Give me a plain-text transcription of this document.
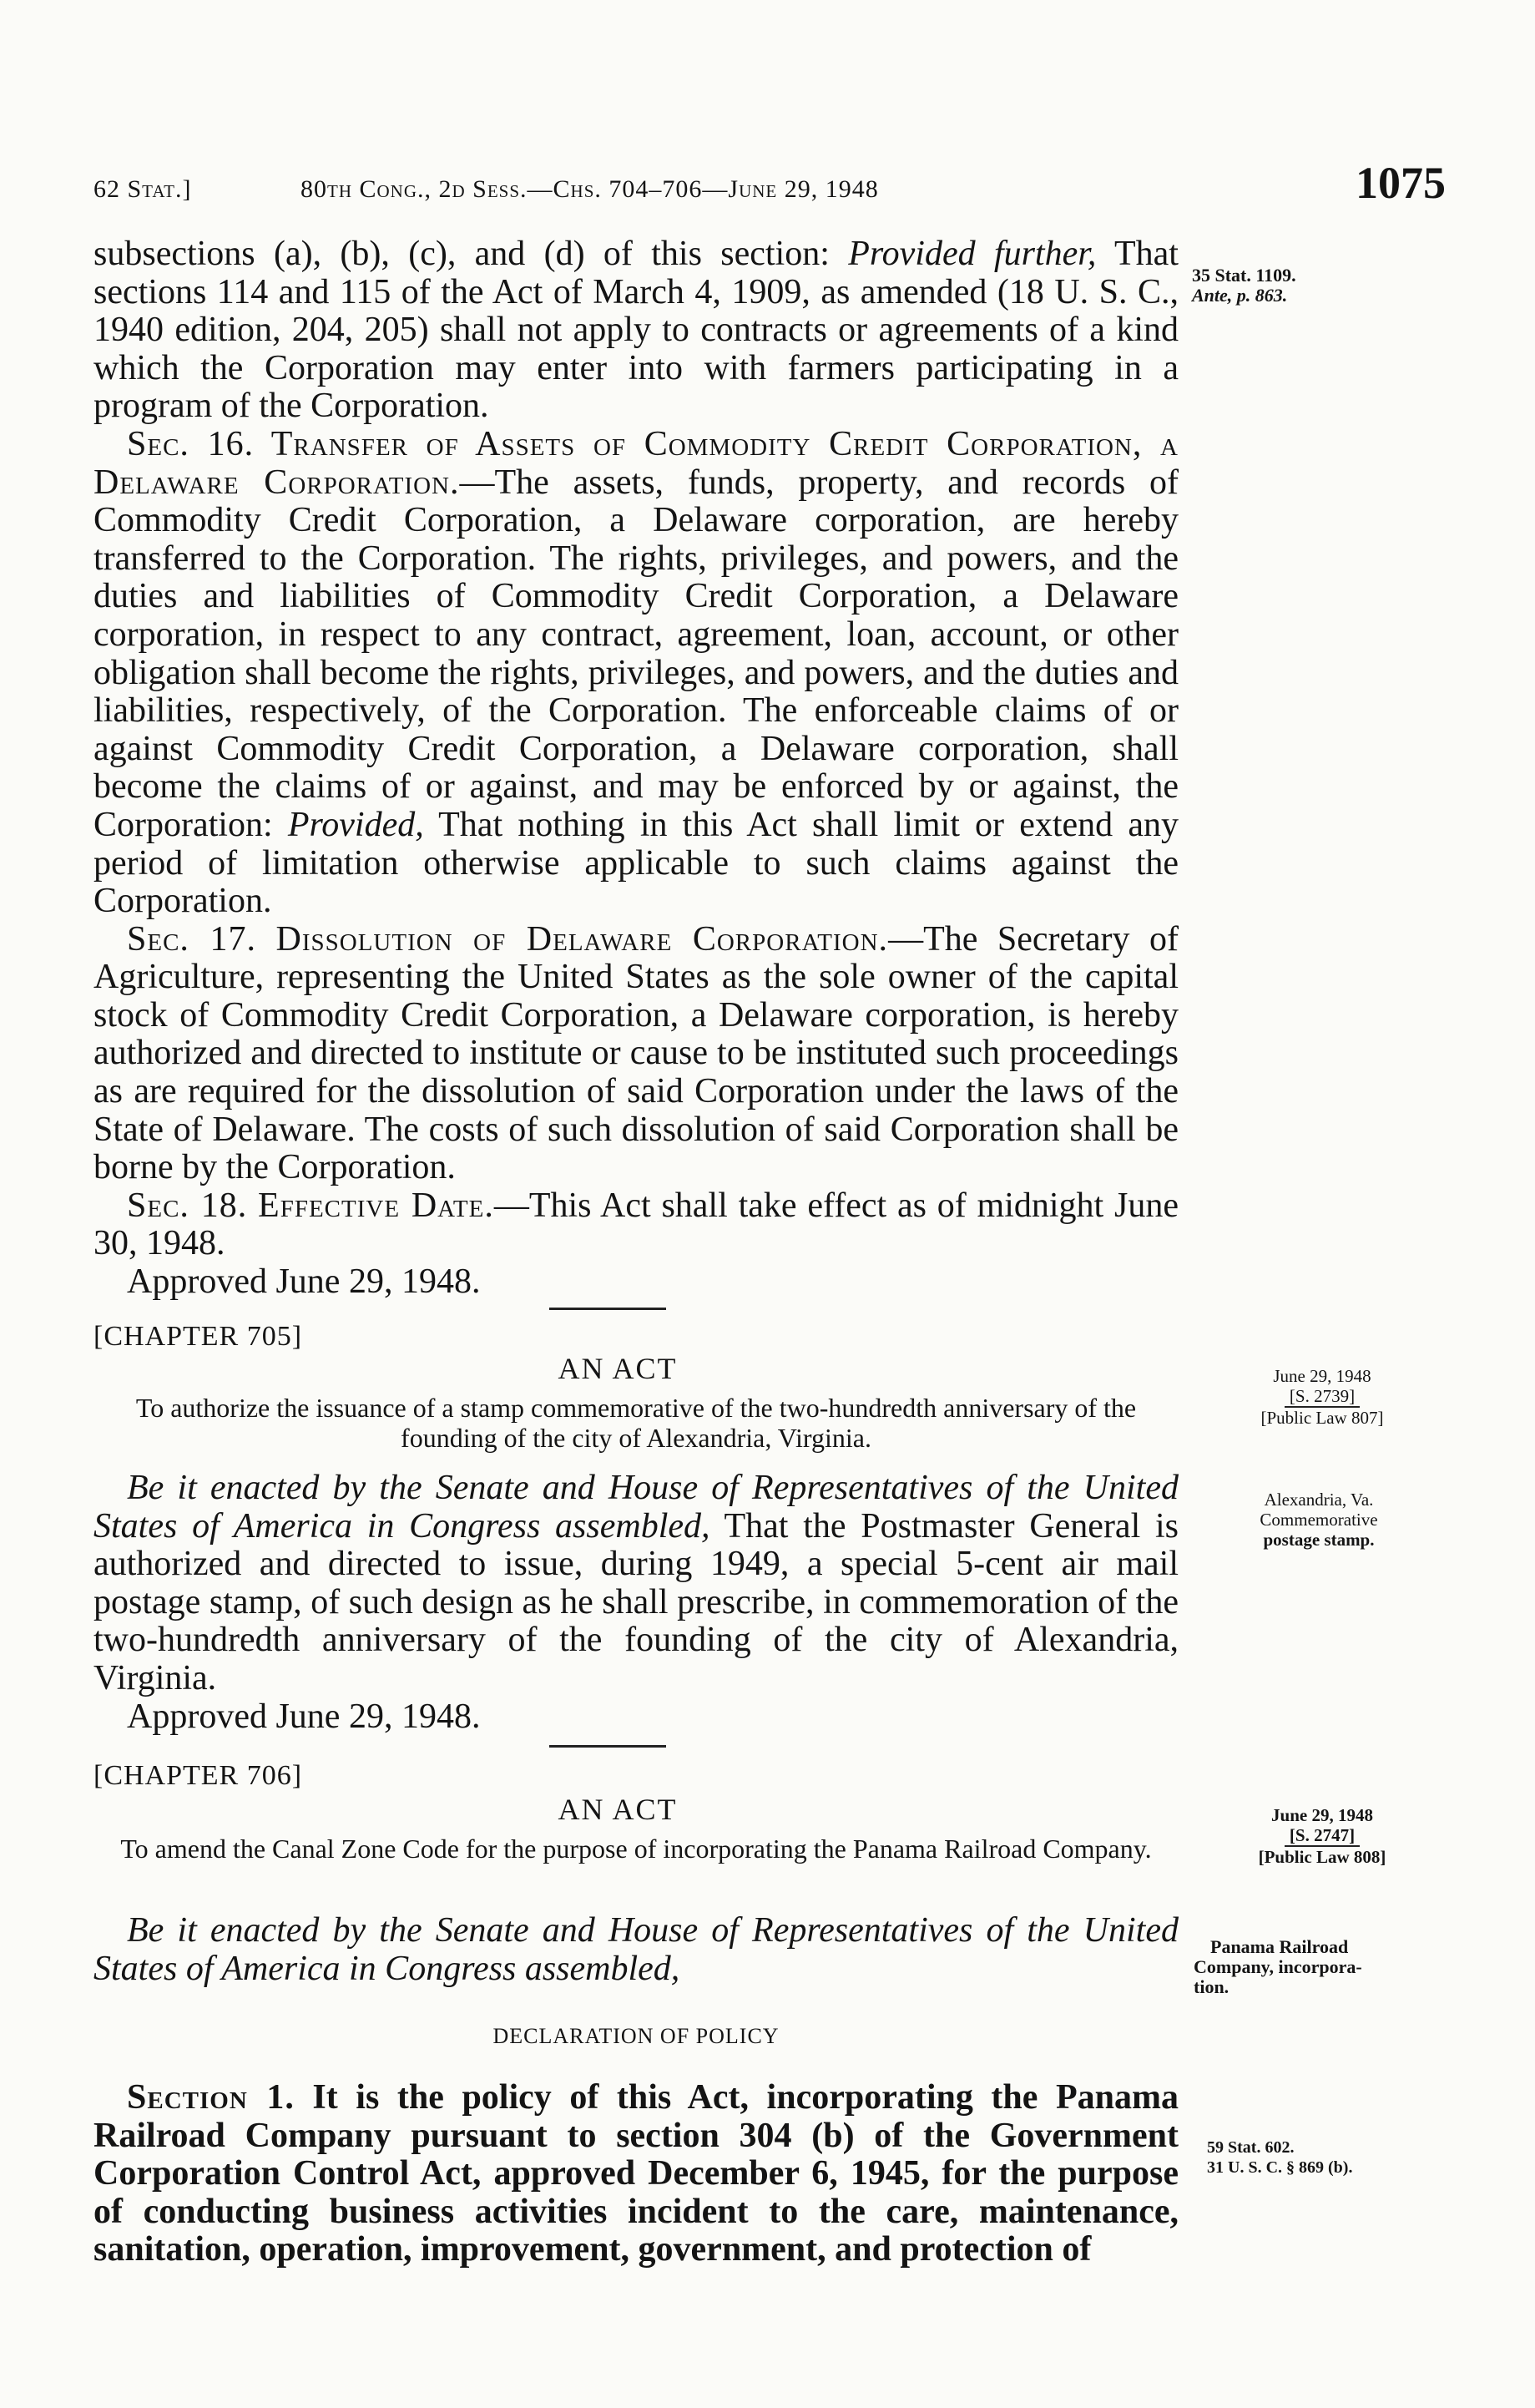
62 Stat.]	80th Cong., 2d Sess.—Chs. 704–706—June 29, 1948	1075

subsections (a), (b), (c), and (d) of this section: Provided further, That sections 114 and 115 of the Act of March 4, 1909, as amended (18 U. S. C., 1940 edition, 204, 205) shall not apply to contracts or agreements of a kind which the Corporation may enter into with farmers participating in a program of the Corporation.

Sec. 16. Transfer of Assets of Commodity Credit Corporation, a Delaware Corporation.—The assets, funds, property, and records of Commodity Credit Corporation, a Delaware corporation, are hereby transferred to the Corporation. The rights, privileges, and powers, and the duties and liabilities of Commodity Credit Corporation, a Delaware corporation, in respect to any contract, agreement, loan, account, or other obligation shall become the rights, privileges, and powers, and the duties and liabilities, respectively, of the Corporation. The enforceable claims of or against Commodity Credit Corporation, a Delaware corporation, shall become the claims of or against, and may be enforced by or against, the Corporation: Provided, That nothing in this Act shall limit or extend any period of limitation otherwise applicable to such claims against the Corporation.

Sec. 17. Dissolution of Delaware Corporation.—The Secretary of Agriculture, representing the United States as the sole owner of the capital stock of Commodity Credit Corporation, a Delaware corporation, is hereby authorized and directed to institute or cause to be instituted such proceedings as are required for the dissolution of said Corporation under the laws of the State of Delaware. The costs of such dissolution of said Corporation shall be borne by the Corporation.

Sec. 18. Effective Date.—This Act shall take effect as of midnight June 30, 1948.

Approved June 29, 1948.

35 Stat. 1109.
Ante, p. 863.
[CHAPTER 705]
AN ACT
To authorize the issuance of a stamp commemorative of the two-hundredth anniversary of the founding of the city of Alexandria, Virginia.
June 29, 1948
[S. 2739]
[Public Law 807]

Be it enacted by the Senate and House of Representatives of the United States of America in Congress assembled, That the Postmaster General is authorized and directed to issue, during 1949, a special 5-cent air mail postage stamp, of such design as he shall prescribe, in commemoration of the two-hundredth anniversary of the founding of the city of Alexandria, Virginia.

Approved June 29, 1948.

Alexandria, Va.
Commemorative
postage stamp.
[CHAPTER 706]
AN ACT
To amend the Canal Zone Code for the purpose of incorporating the Panama Railroad Company.
June 29, 1948
[S. 2747]
[Public Law 808]
Be it enacted by the Senate and House of Representatives of the United States of America in Congress assembled,
Panama Railroad
Company, incorpora-
tion.
DECLARATION OF POLICY

Section 1. It is the policy of this Act, incorporating the Panama Railroad Company pursuant to section 304 (b) of the Government Corporation Control Act, approved December 6, 1945, for the purpose of conducting business activities incident to the care, maintenance, sanitation, operation, improvement, government, and protection of

59 Stat. 602.
31 U. S. C. § 869 (b).
